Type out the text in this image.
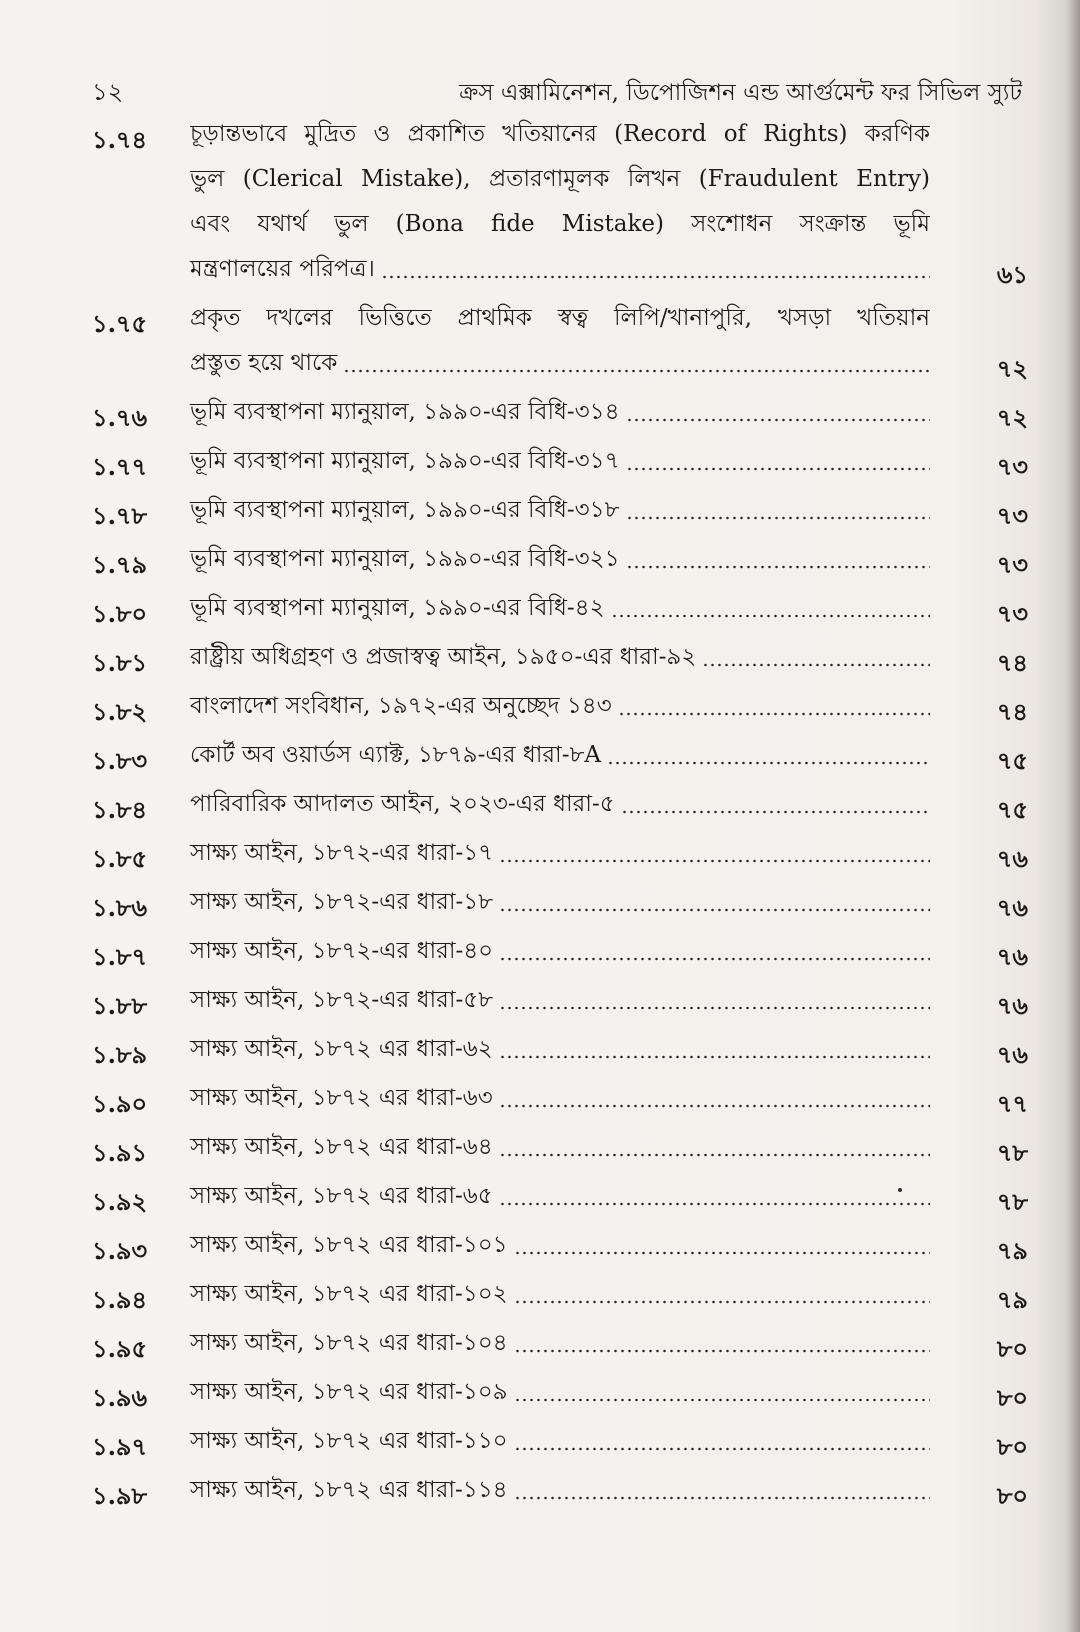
১২	ক্রস এক্সামিনেশন, ডিপোজিশন এন্ড আর্গুমেন্ট ফর সিভিল স্যুট
১.৭৪	চূড়ান্তভাবে মুদ্রিত ও প্রকাশিত খতিয়ানের (Record of Rights) করণিক
ভুল (Clerical Mistake), প্রতারণামূলক লিখন (Fraudulent Entry)
এবং যথার্থ ভুল (Bona fide Mistake) সংশোধন সংক্রান্ত ভূমি
মন্ত্রণালয়ের পরিপত্র।	৬১
১.৭৫	প্রকৃত দখলের ভিত্তিতে প্রাথমিক স্বত্ব লিপি/খানাপুরি, খসড়া খতিয়ান
প্রস্তুত হয়ে থাকে	৭২
১.৭৬	ভূমি ব্যবস্থাপনা ম্যানুয়াল, ১৯৯০-এর বিধি-৩১৪	৭২
১.৭৭	ভূমি ব্যবস্থাপনা ম্যানুয়াল, ১৯৯০-এর বিধি-৩১৭	৭৩
১.৭৮	ভূমি ব্যবস্থাপনা ম্যানুয়াল, ১৯৯০-এর বিধি-৩১৮	৭৩
১.৭৯	ভূমি ব্যবস্থাপনা ম্যানুয়াল, ১৯৯০-এর বিধি-৩২১	৭৩
১.৮০	ভূমি ব্যবস্থাপনা ম্যানুয়াল, ১৯৯০-এর বিধি-৪২	৭৩
১.৮১	রাষ্ট্রীয় অধিগ্রহণ ও প্রজাস্বত্ব আইন, ১৯৫০-এর ধারা-৯২	৭৪
১.৮২	বাংলাদেশ সংবিধান, ১৯৭২-এর অনুচ্ছেদ ১৪৩	৭৪
১.৮৩	কোর্ট অব ওয়ার্ডস এ্যাক্ট, ১৮৭৯-এর ধারা-৮A	৭৫
১.৮৪	পারিবারিক আদালত আইন, ২০২৩-এর ধারা-৫	৭৫
১.৮৫	সাক্ষ্য আইন, ১৮৭২-এর ধারা-১৭	৭৬
১.৮৬	সাক্ষ্য আইন, ১৮৭২-এর ধারা-১৮	৭৬
১.৮৭	সাক্ষ্য আইন, ১৮৭২-এর ধারা-৪০	৭৬
১.৮৮	সাক্ষ্য আইন, ১৮৭২-এর ধারা-৫৮	৭৬
১.৮৯	সাক্ষ্য আইন, ১৮৭২ এর ধারা-৬২	৭৬
১.৯০	সাক্ষ্য আইন, ১৮৭২ এর ধারা-৬৩	৭৭
১.৯১	সাক্ষ্য আইন, ১৮৭২ এর ধারা-৬৪	৭৮
১.৯২	সাক্ষ্য আইন, ১৮৭২ এর ধারা-৬৫	৭৮
১.৯৩	সাক্ষ্য আইন, ১৮৭২ এর ধারা-১০১	৭৯
১.৯৪	সাক্ষ্য আইন, ১৮৭২ এর ধারা-১০২	৭৯
১.৯৫	সাক্ষ্য আইন, ১৮৭২ এর ধারা-১০৪	৮০
১.৯৬	সাক্ষ্য আইন, ১৮৭২ এর ধারা-১০৯	৮০
১.৯৭	সাক্ষ্য আইন, ১৮৭২ এর ধারা-১১০	৮০
১.৯৮	সাক্ষ্য আইন, ১৮৭২ এর ধারা-১১৪	৮০
